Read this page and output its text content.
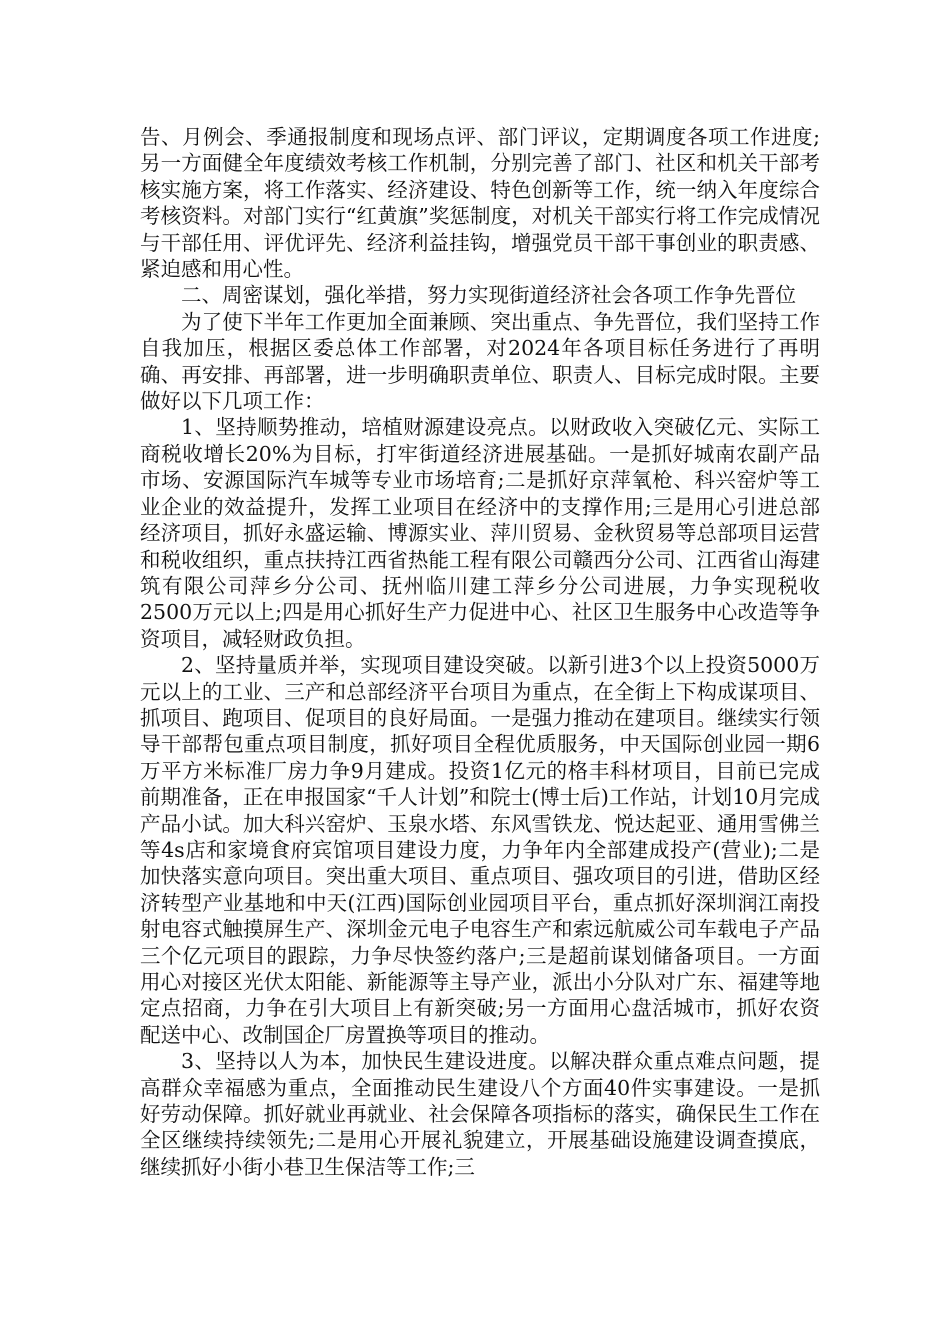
告、月例会、季通报制度和现场点评、部门评议，定期调度各项工作进度;另一方面健全年度绩效考核工作机制，分别完善了部门、社区和机关干部考核实施方案，将工作落实、经济建设、特色创新等工作，统一纳入年度综合考核资料。对部门实行“红黄旗”奖惩制度，对机关干部实行将工作完成情况与干部任用、评优评先、经济利益挂钩，增强党员干部干事创业的职责感、紧迫感和用心性。

二、周密谋划，强化举措，努力实现街道经济社会各项工作争先晋位

为了使下半年工作更加全面兼顾、突出重点、争先晋位，我们坚持工作自我加压，根据区委总体工作部署，对2024年各项目标任务进行了再明确、再安排、再部署，进一步明确职责单位、职责人、目标完成时限。主要做好以下几项工作：

1、坚持顺势推动，培植财源建设亮点。以财政收入突破亿元、实际工商税收增长20%为目标，打牢街道经济进展基础。一是抓好城南农副产品市场、安源国际汽车城等专业市场培育;二是抓好京萍氧枪、科兴窑炉等工业企业的效益提升，发挥工业项目在经济中的支撑作用;三是用心引进总部经济项目，抓好永盛运输、博源实业、萍川贸易、金秋贸易等总部项目运营和税收组织，重点扶持江西省热能工程有限公司赣西分公司、江西省山海建筑有限公司萍乡分公司、抚州临川建工萍乡分公司进展，力争实现税收2500万元以上;四是用心抓好生产力促进中心、社区卫生服务中心改造等争资项目，减轻财政负担。

2、坚持量质并举，实现项目建设突破。以新引进3个以上投资5000万元以上的工业、三产和总部经济平台项目为重点，在全街上下构成谋项目、抓项目、跑项目、促项目的良好局面。一是强力推动在建项目。继续实行领导干部帮包重点项目制度，抓好项目全程优质服务，中天国际创业园一期6万平方米标准厂房力争9月建成。投资1亿元的格丰科材项目，目前已完成前期准备，正在申报国家“千人计划”和院士(博士后)工作站，计划10月完成产品小试。加大科兴窑炉、玉泉水塔、东风雪铁龙、悦达起亚、通用雪佛兰等4s店和家境食府宾馆项目建设力度，力争年内全部建成投产(营业);二是加快落实意向项目。突出重大项目、重点项目、强攻项目的引进，借助区经济转型产业基地和中天(江西)国际创业园项目平台，重点抓好深圳润江南投射电容式触摸屏生产、深圳金元电子电容生产和索远航威公司车载电子产品三个亿元项目的跟踪，力争尽快签约落户;三是超前谋划储备项目。一方面用心对接区光伏太阳能、新能源等主导产业，派出小分队对广东、福建等地定点招商，力争在引大项目上有新突破;另一方面用心盘活城市，抓好农资配送中心、改制国企厂房置换等项目的推动。

3、坚持以人为本，加快民生建设进度。以解决群众重点难点问题，提高群众幸福感为重点，全面推动民生建设八个方面40件实事建设。一是抓好劳动保障。抓好就业再就业、社会保障各项指标的落实，确保民生工作在全区继续持续领先;二是用心开展礼貌建立，开展基础设施建设调查摸底，继续抓好小街小巷卫生保洁等工作;三
